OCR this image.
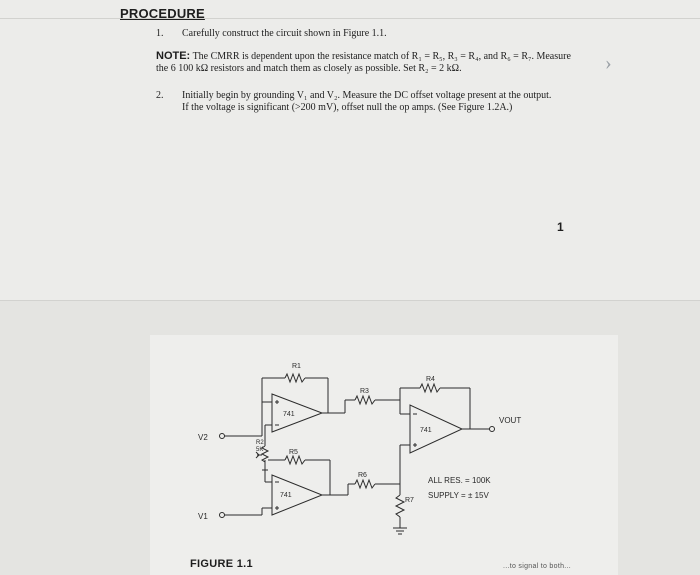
PROCEDURE
1. Carefully construct the circuit shown in Figure 1.1.
NOTE: The CMRR is dependent upon the resistance match of R₁ = R₅, R₃ = R₄, and R₆ = R₇. Measure
the 6 100 kΩ resistors and match them as closely as possible. Set R₂ = 2 kΩ.
2. Initially begin by grounding V₁ and V₂. Measure the DC offset voltage present at the output.
If the voltage is significant (>200 mV), offset null the op amps. (See Figure 1.2A.)
1
›
R1
R2
5K
R3
R4
R5
R6
R7
741
741
741
V2
V1
VOUT
ALL RES. = 100K
SUPPLY = ± 15V
FIGURE 1.1	...to signal to both...
